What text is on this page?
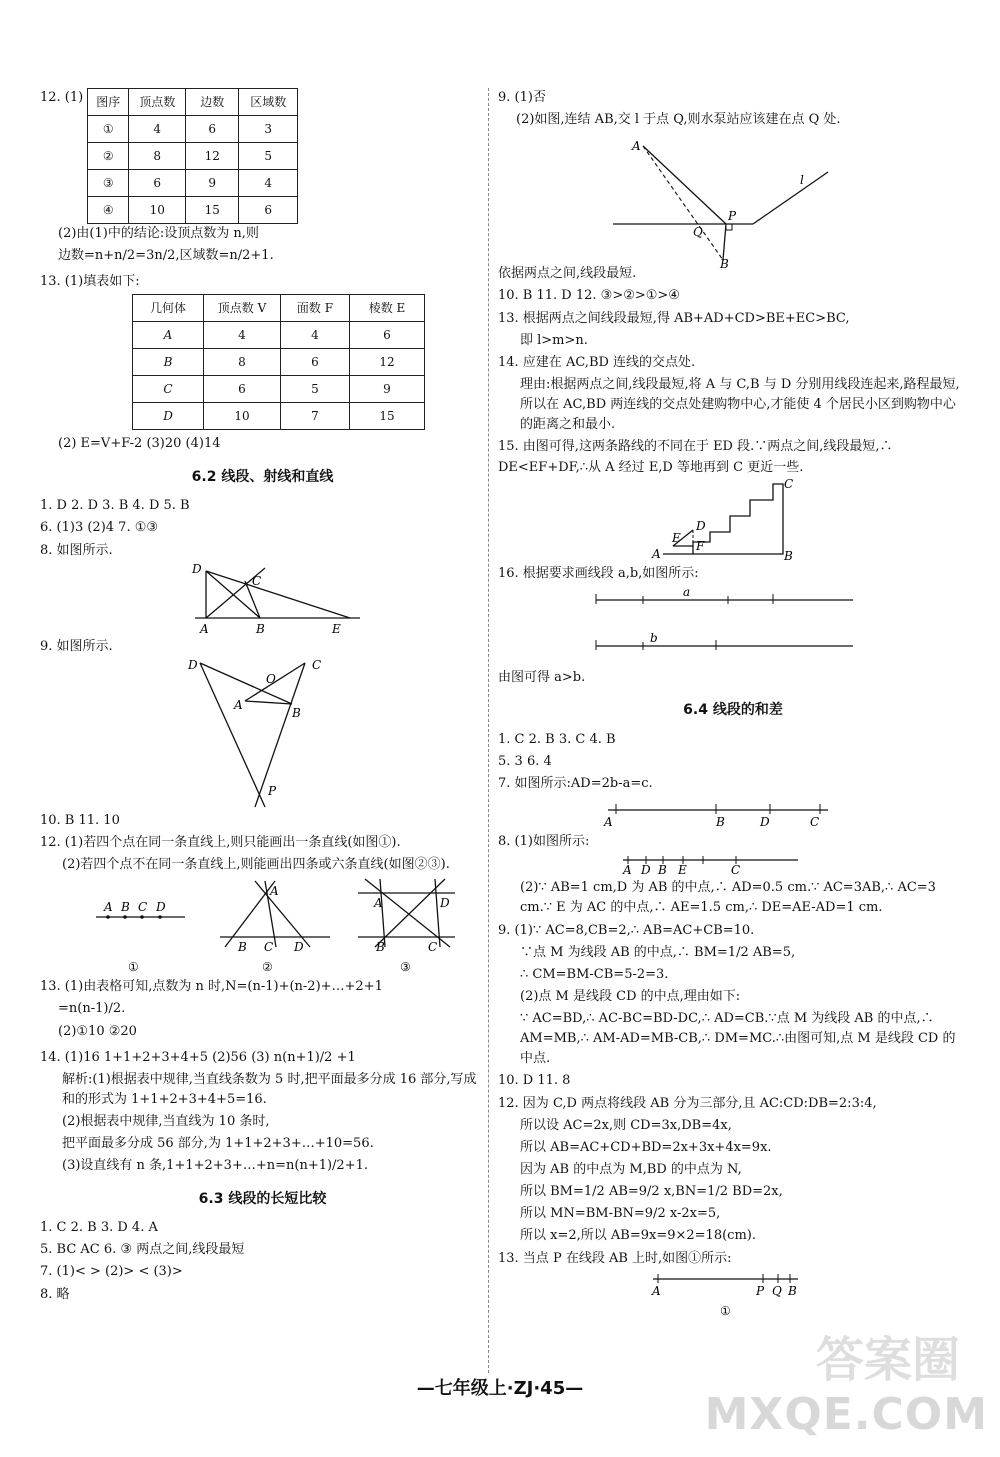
12. (1) 图序	顶点数	边数	区域数
①	4	6	3
②	8	12	5
③	6	9	4
④	10	15	6

(2)由(1)中的结论:设顶点数为 n,则

边数=n+n/2=3n/2,区域数=n/2+1.

13. (1)填表如下:

几何体	顶点数 V	面数 F	棱数 E
A	4	4	6
B	8	6	12
C	6	5	9
D	10	7	15

(2) E=V+F-2 (3)20 (4)14

6.2 线段、射线和直线

1. D 2. D 3. B 4. D 5. B

6. (1)3 (2)4 7. ①③

8. 如图所示.

D
C
A	B	E

9. 如图所示.

D	C
O
A
B
P

10. B 11. 10

12. (1)若四个点在同一条直线上,则只能画出一条直线(如图①).

(2)若四个点不在同一条直线上,则能画出四条或六条直线(如图②③).

A B C D
B C D
A
A	D
B	C
①	②	③

13. (1)由表格可知,点数为 n 时,N=(n-1)+(n-2)+…+2+1

=n(n-1)/2.

(2)①10 ②20

14. (1)16 1+1+2+3+4+5 (2)56 (3) n(n+1)/2 +1

解析:(1)根据表中规律,当直线条数为 5 时,把平面最多分成 16 部分,写成和的形式为 1+1+2+3+4+5=16.

(2)根据表中规律,当直线为 10 条时,

把平面最多分成 56 部分,为 1+1+2+3+…+10=56.

(3)设直线有 n 条,1+1+2+3+…+n=n(n+1)/2+1.

6.3 线段的长短比较

1. C 2. B 3. D 4. A

5. BC AC 6. ③ 两点之间,线段最短

7. (1)< > (2)> < (3)>

8. 略

9. (1)否

(2)如图,连结 AB,交 l 于点 Q,则水泵站应该建在点 Q 处.

A
P
Q
B
l

依据两点之间,线段最短.

10. B 11. D 12. ③>②>①>④

13. 根据两点之间线段最短,得 AB+AD+CD>BE+EC>BC,

即 l>m>n.

14. 应建在 AC,BD 连线的交点处.

理由:根据两点之间,线段最短,将 A 与 C,B 与 D 分别用线段连起来,路程最短,所以在 AC,BD 两连线的交点处建购物中心,才能使 4 个居民小区到购物中心的距离之和最小.

15. 由图可得,这两条路线的不同在于 ED 段.∵两点之间,线段最短,∴ DE<EF+DF,∴从 A 经过 E,D 等地再到 C 更近一些.

A	B
C
D
E
F

16. 根据要求画线段 a,b,如图所示:

a
b

由图可得 a>b.

6.4 线段的和差

1. C 2. B 3. C 4. B

5. 3 6. 4

7. 如图所示:AD=2b-a=c.

A	B	D	C

8. (1)如图所示:

A D B E	C

(2)∵ AB=1 cm,D 为 AB 的中点,∴ AD=0.5 cm.∵ AC=3AB,∴ AC=3 cm.∵ E 为 AC 的中点,∴ AE=1.5 cm,∴ DE=AE-AD=1 cm.

9. (1)∵ AC=8,CB=2,∴ AB=AC+CB=10.

∵点 M 为线段 AB 的中点,∴ BM=1/2 AB=5,

∴ CM=BM-CB=5-2=3.

(2)点 M 是线段 CD 的中点,理由如下:

∵ AC=BD,∴ AC-BC=BD-DC,∴ AD=CB.∵点 M 为线段 AB 的中点,∴ AM=MB,∴ AM-AD=MB-CB,∴ DM=MC.∴由图可知,点 M 是线段 CD 的中点.

10. D 11. 8

12. 因为 C,D 两点将线段 AB 分为三部分,且 AC:CD:DB=2:3:4,

所以设 AC=2x,则 CD=3x,DB=4x,

所以 AB=AC+CD+BD=2x+3x+4x=9x.

因为 AB 的中点为 M,BD 的中点为 N,

所以 BM=1/2 AB=9/2 x,BN=1/2 BD=2x,

所以 MN=BM-BN=9/2 x-2x=5,

所以 x=2,所以 AB=9x=9×2=18(cm).

13. 当点 P 在线段 AB 上时,如图①所示:

A	P Q B
①
—七年级上·ZJ·45—
答案圈
MXQE.COM
